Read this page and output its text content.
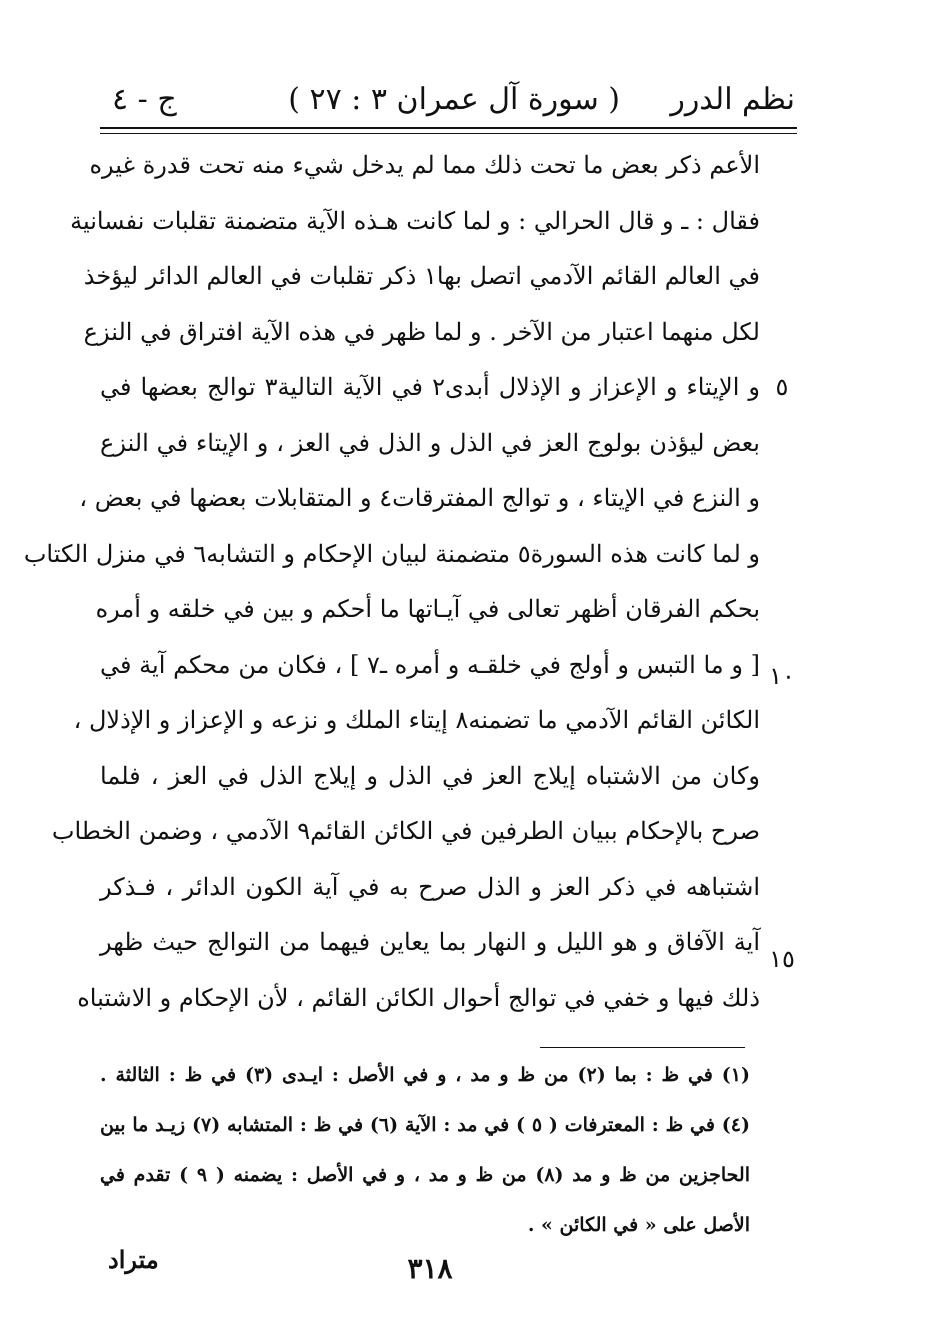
نظم الدرر
( سورة آل عمران ٣ : ٢٧ )
ج - ٤
الأعم ذكر بعض ما تحت ذلك مما لم يدخل شيء منه تحت قدرة غيره
فقال : ـ و قال الحرالي : و لما كانت هـذه الآية متضمنة تقلبات نفسانية
في العالم القائم الآدمي اتصل بها١ ذكر تقلبات في العالم الدائر ليؤخذ
لكل منهما اعتبار من الآخر . و لما ظهر في هذه الآية افتراق في النزع
و الإيتاء و الإعزاز و الإذلال أبدى٢ في الآية التالية٣ توالج بعضها في
بعض ليؤذن بولوج العز في الذل و الذل في العز ، و الإيتاء في النزع
و النزع في الإيتاء ، و توالج المفترقات٤ و المتقابلات بعضها في بعض ،
و لما كانت هذه السورة٥ متضمنة لبيان الإحكام و التشابه٦ في منزل الكتاب
بحكم الفرقان أظهر تعالى في آيـاتها ما أحكم و بين في خلقه و أمره
[ و ما التبس و أولج في خلقـه و أمره ـ٧ ] ، فكان من محكم آية في
الكائن القائم الآدمي ما تضمنه٨ إيتاء الملك و نزعه و الإعزاز و الإذلال ،
وكان من الاشتباه إيلاج العز في الذل و إيلاج الذل في العز ، فلما
صرح بالإحكام ببيان الطرفين في الكائن القائم٩ الآدمي ، وضمن الخطاب
اشتباهه في ذكر العز و الذل صرح به في آية الكون الدائر ، فـذكر
آية الآفاق و هو الليل و النهار بما يعاين فيهما من التوالج حيث ظهر
ذلك فيها و خفي في توالج أحوال الكائن القائم ، لأن الإحكام و الاشتباه
٥
١٠
١٥
(١) في ظ : بما (٢) من ظ و مد ، و في الأصل : ايـدى (٣) في ظ : الثالثة .
(٤) في ظ : المعترفات ( ٥ ) في مد : الآية (٦) في ظ : المتشابه (٧) زيـد ما بين
الحاجزين من ظ و مد (٨) من ظ و مد ، و في الأصل : يضمنه ( ٩ ) تقدم في
الأصل على « في الكائن » .
٣١٨
متراد
